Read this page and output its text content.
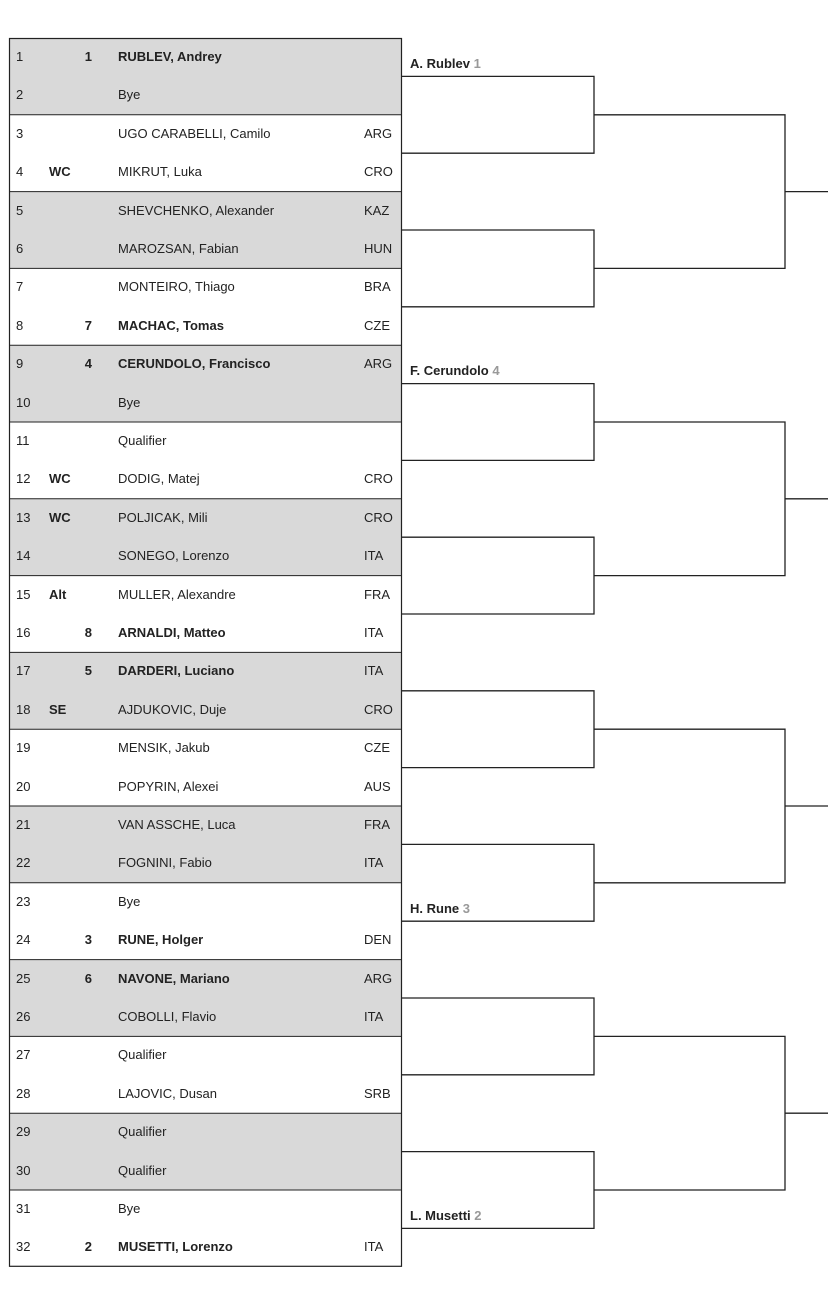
1	1 RUBLEV, Andrey
2	Bye
3	UGO CARABELLI, Camilo	ARG
4 WC	MIKRUT, Luka	CRO
5	SHEVCHENKO, Alexander	KAZ
6	MAROZSAN, Fabian	HUN
7	MONTEIRO, Thiago	BRA
8	7 MACHAC, Tomas	CZE
9	4 CERUNDOLO, Francisco	ARG
10	Bye
11	Qualifier
12 WC	DODIG, Matej	CRO
13 WC	POLJICAK, Mili	CRO
14	SONEGO, Lorenzo	ITA
15 Alt	MULLER, Alexandre	FRA
16	8 ARNALDI, Matteo	ITA
17	5 DARDERI, Luciano	ITA
18 SE	AJDUKOVIC, Duje	CRO
19	MENSIK, Jakub	CZE
20	POPYRIN, Alexei	AUS
21	VAN ASSCHE, Luca	FRA
22	FOGNINI, Fabio	ITA
23	Bye
24	3 RUNE, Holger	DEN
25	6 NAVONE, Mariano	ARG
26	COBOLLI, Flavio	ITA
27	Qualifier
28	LAJOVIC, Dusan	SRB
29	Qualifier
30	Qualifier
31	Bye
32	2 MUSETTI, Lorenzo	ITA
A. Rublev 1
F. Cerundolo 4
H. Rune 3
L. Musetti 2
